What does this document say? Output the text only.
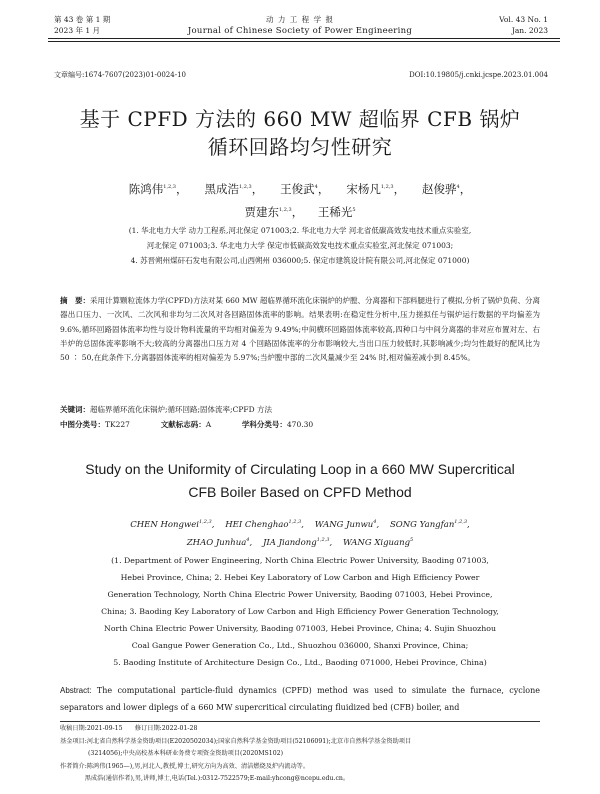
第 43 卷 第 1 期
2023 年 1 月
动 力 工 程 学 报
Journal of Chinese Society of Power Engineering
Vol. 43 No. 1
Jan. 2023
文章编号:1674-7607(2023)01-0024-10	DOI:10.19805/j.cnki.jcspe.2023.01.004
基于 CPFD 方法的 660 MW 超临界 CFB 锅炉
循环回路均匀性研究
陈鸿伟$^{1,2,3}$， 黑成浩$^{1,2,3}$， 王俊武$^4$， 宋杨凡$^{1,2,3}$， 赵俊骅$^4$，
贾建东$^{1,2,3}$， 王稀光$^5$
(1. 华北电力大学 动力工程系,河北保定 071003;2. 华北电力大学 河北省低碳高效发电技术重点实验室,
河北保定 071003;3. 华北电力大学 保定市低碳高效发电技术重点实验室,河北保定 071003;
4. 苏晋朔州煤矸石发电有限公司,山西朔州 036000;5. 保定市建筑设计院有限公司,河北保定 071000)
摘　要：采用计算颗粒流体力学(CPFD)方法对某 660 MW 超临界循环流化床锅炉的炉膛、分离器和下部料腿进行了模拟,分析了锅炉负荷、分离器出口压力、一次风、二次风和非均匀二次风对各回路固体流率的影响。结果表明:在稳定性分析中,压力搓拟任与锅炉运行数据的平均偏差为 9.6%,循环回路固体流率均性与设计物料流量的平均相对偏差为 9.49%;中间横环回路固体流率较高,四种口与中间分离器的非对应布置对左、右半炉的总固体流率影响不大;较高的分离器出口压力对 4 个回路固体流率的分布影响较大,当出口压力较低时,其影响减少;均匀性最好的配风比为 50 ∶ 50,在此条件下,分离器固体流率的相对偏差为 5.97%;当炉膛中部的二次风量减少至 24% 时,相对偏差减小到 8.45%。
关键词：超临界循环流化床锅炉;循环回路;固体流率;CPFD 方法
中图分类号：TK227	文献标志码：A	学科分类号：470.30
Study on the Uniformity of Circulating Loop in a 660 MW Supercritical
CFB Boiler Based on CPFD Method
CHEN Hongwei$^{1,2,3}$, HEI Chenghao$^{1,2,3}$, WANG Junwu$^4$, SONG Yangfan$^{1,2,3}$,
ZHAO Junhua$^4$, JIA Jiandong$^{1,2,3}$, WANG Xiguang$^5$
(1. Department of Power Engineering, North China Electric Power University, Baoding 071003,
Hebei Province, China; 2. Hebei Key Laboratory of Low Carbon and High Efficiency Power
Generation Technology, North China Electric Power University, Baoding 071003, Hebei Province,
China; 3. Baoding Key Laboratory of Low Carbon and High Efficiency Power Generation Technology,
North China Electric Power University, Baoding 071003, Hebei Province, China; 4. Sujin Shuozhou
Coal Gangue Power Generation Co., Ltd., Shuozhou 036000, Shanxi Province, China;
5. Baoding Institute of Architecture Design Co., Ltd., Baoding 071000, Hebei Province, China)
Abstract: The computational particle-fluid dynamics (CPFD) method was used to simulate the furnace, cyclone separators and lower diplegs of a 660 MW supercritical circulating fluidized bed (CFB) boiler, and
收稿日期:2021-09-15　　修订日期:2022-01-28
基金项目:河北省自然科学基金资助项目(E2020502034);国家自然科学基金资助项目(52106091);北京市自然科学基金资助项目
(3214056);中央高校基本科研业务费专项资金资助项目(2020MS102)
作者简介:陈鸿伟(1965—),男,河北人,教授,博士,研究方向为高效、清洁燃烧及炉内流动等。
　　　　黑成浩(通信作者),男,讲师,博士,电话(Tel.):0312-7522579;E-mail:yhcong@ncepu.edu.cn。
